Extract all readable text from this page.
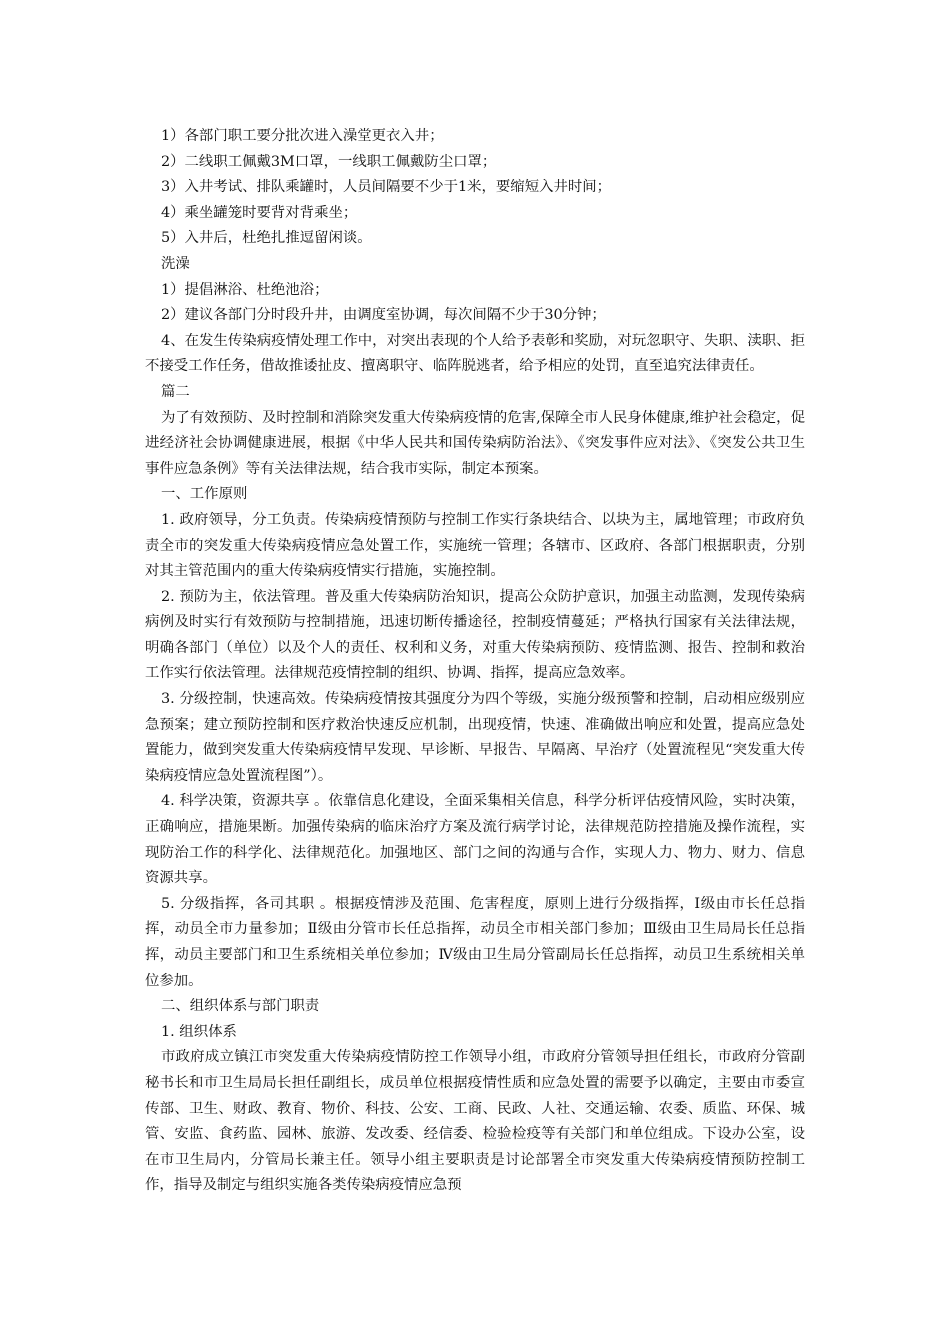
1）各部门职工要分批次进入澡堂更衣入井；

2）二线职工佩戴3M口罩，一线职工佩戴防尘口罩；

3）入井考试、排队乘罐时，人员间隔要不少于1米，要缩短入井时间；

4）乘坐罐笼时要背对背乘坐；

5）入井后，杜绝扎推逗留闲谈。

洗澡

1）提倡淋浴、杜绝池浴；

2）建议各部门分时段升井，由调度室协调，每次间隔不少于30分钟；

4、在发生传染病疫情处理工作中，对突出表现的个人给予表彰和奖励，对玩忽职守、失职、渎职、拒不接受工作任务，借故推诿扯皮、擅离职守、临阵脱逃者，给予相应的处罚，直至追究法律责任。

篇二

为了有效预防、及时控制和消除突发重大传染病疫情的危害,保障全市人民身体健康,维护社会稳定，促进经济社会协调健康进展，根据《中华人民共和国传染病防治法》、《突发事件应对法》、《突发公共卫生事件应急条例》等有关法律法规，结合我市实际，制定本预案。

一、工作原则

1. 政府领导，分工负责。传染病疫情预防与控制工作实行条块结合、以块为主，属地管理；市政府负责全市的突发重大传染病疫情应急处置工作，实施统一管理；各辖市、区政府、各部门根据职责，分别对其主管范围内的重大传染病疫情实行措施，实施控制。

2. 预防为主，依法管理。普及重大传染病防治知识，提高公众防护意识，加强主动监测，发现传染病病例及时实行有效预防与控制措施，迅速切断传播途径，控制疫情蔓延；严格执行国家有关法律法规，明确各部门（单位）以及个人的责任、权利和义务，对重大传染病预防、疫情监测、报告、控制和救治工作实行依法管理。法律规范疫情控制的组织、协调、指挥，提高应急效率。

3. 分级控制，快速高效。传染病疫情按其强度分为四个等级，实施分级预警和控制，启动相应级别应急预案；建立预防控制和医疗救治快速反应机制，出现疫情，快速、准确做出响应和处置，提高应急处置能力，做到突发重大传染病疫情早发现、早诊断、早报告、早隔离、早治疗（处置流程见“突发重大传染病疫情应急处置流程图”）。

4. 科学决策，资源共享 。依靠信息化建设，全面采集相关信息，科学分析评估疫情风险，实时决策，正确响应，措施果断。加强传染病的临床治疗方案及流行病学讨论，法律规范防控措施及操作流程，实现防治工作的科学化、法律规范化。加强地区、部门之间的沟通与合作，实现人力、物力、财力、信息资源共享。

5. 分级指挥，各司其职 。根据疫情涉及范围、危害程度，原则上进行分级指挥，Ⅰ级由市长任总指挥，动员全市力量参加；Ⅱ级由分管市长任总指挥，动员全市相关部门参加；Ⅲ级由卫生局局长任总指挥，动员主要部门和卫生系统相关单位参加；Ⅳ级由卫生局分管副局长任总指挥，动员卫生系统相关单位参加。

二、组织体系与部门职责

1. 组织体系

市政府成立镇江市突发重大传染病疫情防控工作领导小组，市政府分管领导担任组长，市政府分管副秘书长和市卫生局局长担任副组长，成员单位根据疫情性质和应急处置的需要予以确定，主要由市委宣传部、卫生、财政、教育、物价、科技、公安、工商、民政、人社、交通运输、农委、质监、环保、城管、安监、食药监、园林、旅游、发改委、经信委、检验检疫等有关部门和单位组成。下设办公室，设在市卫生局内，分管局长兼主任。领导小组主要职责是讨论部署全市突发重大传染病疫情预防控制工作，指导及制定与组织实施各类传染病疫情应急预
